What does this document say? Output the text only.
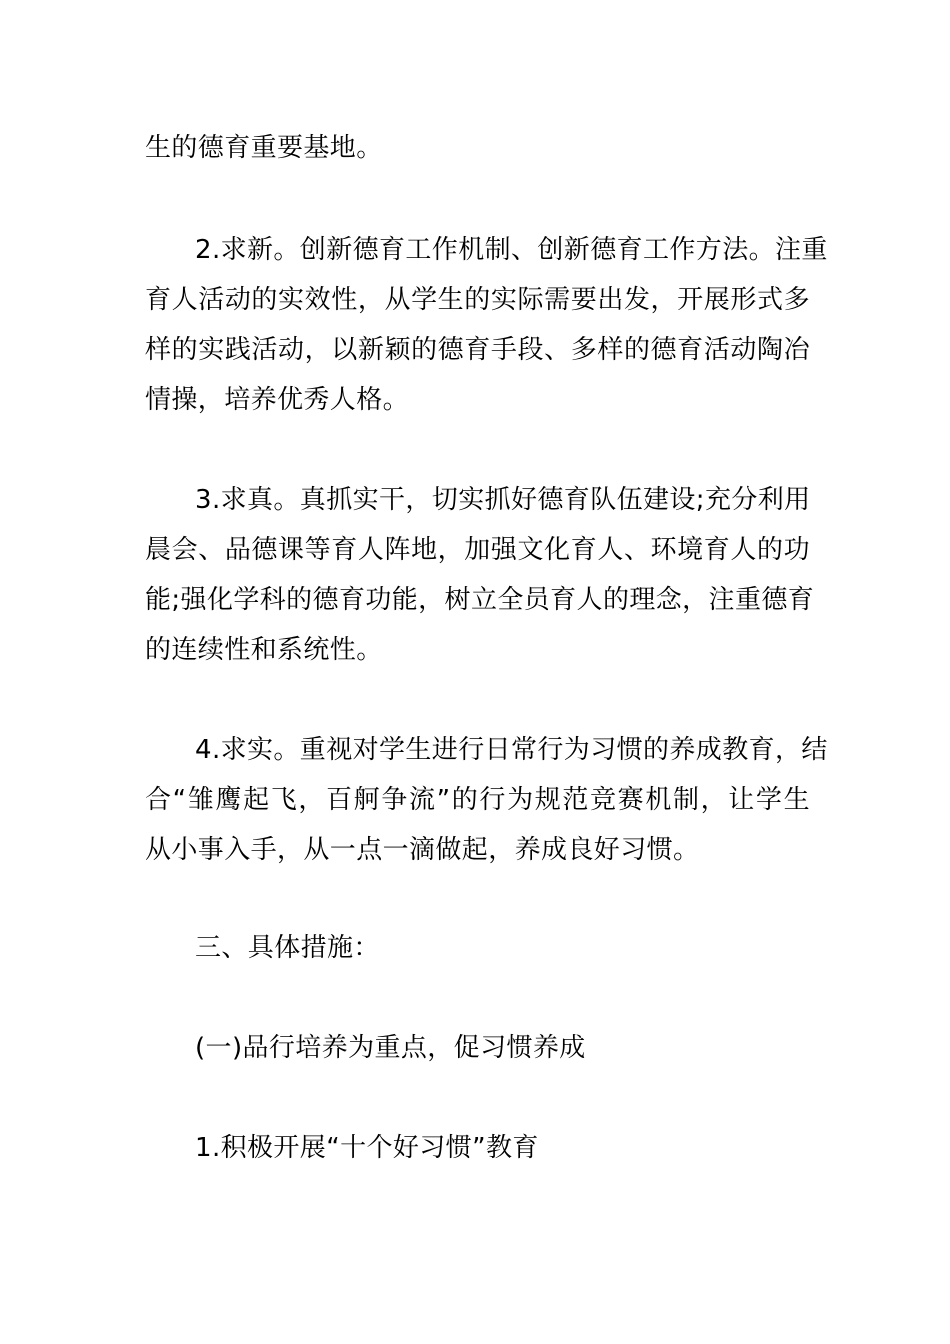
生的德育重要基地。
2.求新。创新德育工作机制、创新德育工作方法。注重
育人活动的实效性，从学生的实际需要出发，开展形式多
样的实践活动，以新颖的德育手段、多样的德育活动陶冶
情操，培养优秀人格。
3.求真。真抓实干，切实抓好德育队伍建设;充分利用
晨会、品德课等育人阵地，加强文化育人、环境育人的功
能;强化学科的德育功能，树立全员育人的理念，注重德育
的连续性和系统性。
4.求实。重视对学生进行日常行为习惯的养成教育，结
合“雏鹰起飞，百舸争流”的行为规范竞赛机制，让学生
从小事入手，从一点一滴做起，养成良好习惯。
三、具体措施：
(一)品行培养为重点，促习惯养成
1.积极开展“十个好习惯”教育
